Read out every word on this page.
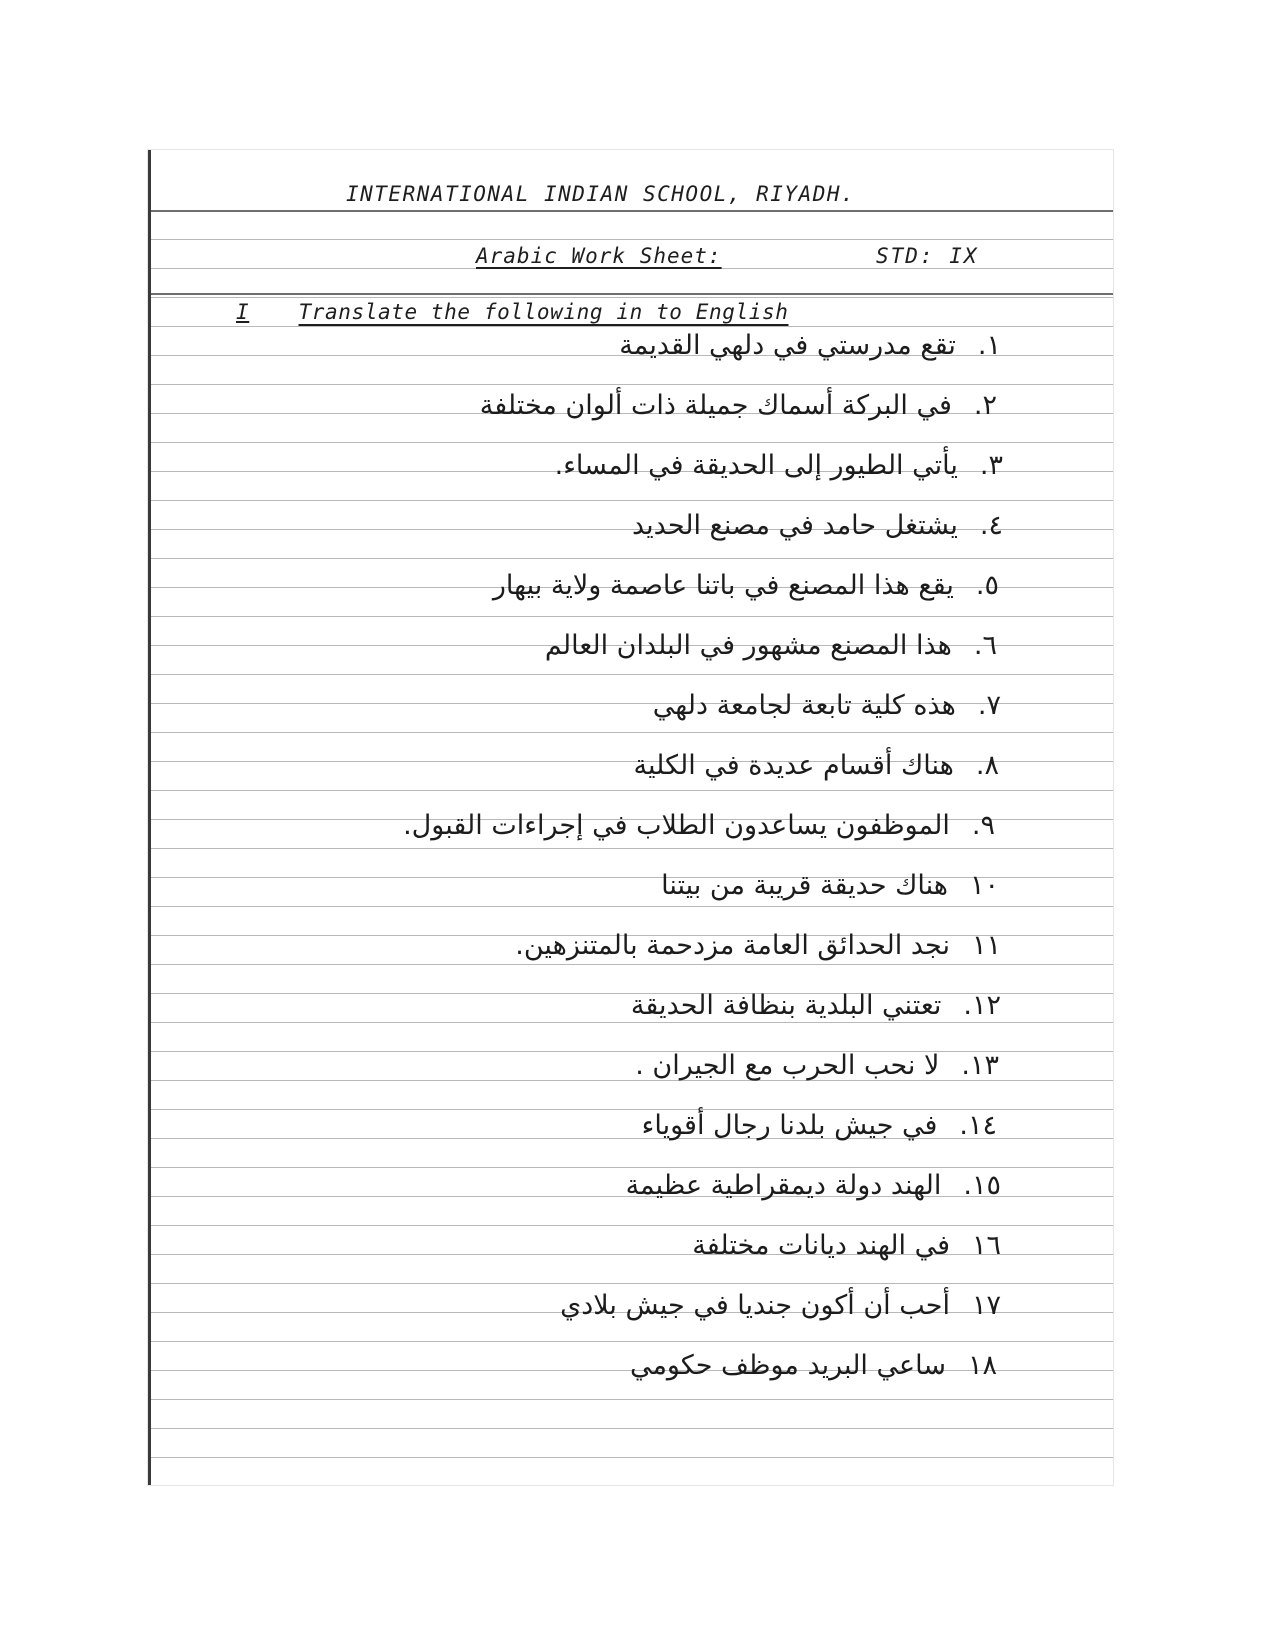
INTERNATIONAL INDIAN SCHOOL, RIYADH.
Arabic Work Sheet:	STD: IX
I Translate the following in to English
١.تقع مدرستي في دلهي القديمة
٢.في البركة أسماك جميلة ذات ألوان مختلفة
٣.يأتي الطيور إلى الحديقة في المساء.
٤.يشتغل حامد في مصنع الحديد
٥.يقع هذا المصنع في باتنا عاصمة ولاية بيهار
٦.هذا المصنع مشهور في البلدان العالم
٧.هذه كلية تابعة لجامعة دلهي
٨.هناك أقسام عديدة في الكلية
٩.الموظفون يساعدون الطلاب في إجراءات القبول.
١٠هناك حديقة قريبة من بيتنا
١١نجد الحدائق العامة مزدحمة بالمتنزهين.
١٢.تعتني البلدية بنظافة الحديقة
١٣.لا نحب الحرب مع الجيران .
١٤.في جيش بلدنا رجال أقوياء
١٥.الهند دولة ديمقراطية عظيمة
١٦في الهند ديانات مختلفة
١٧أحب أن أكون جنديا في جيش بلادي
١٨ساعي البريد موظف حكومي
